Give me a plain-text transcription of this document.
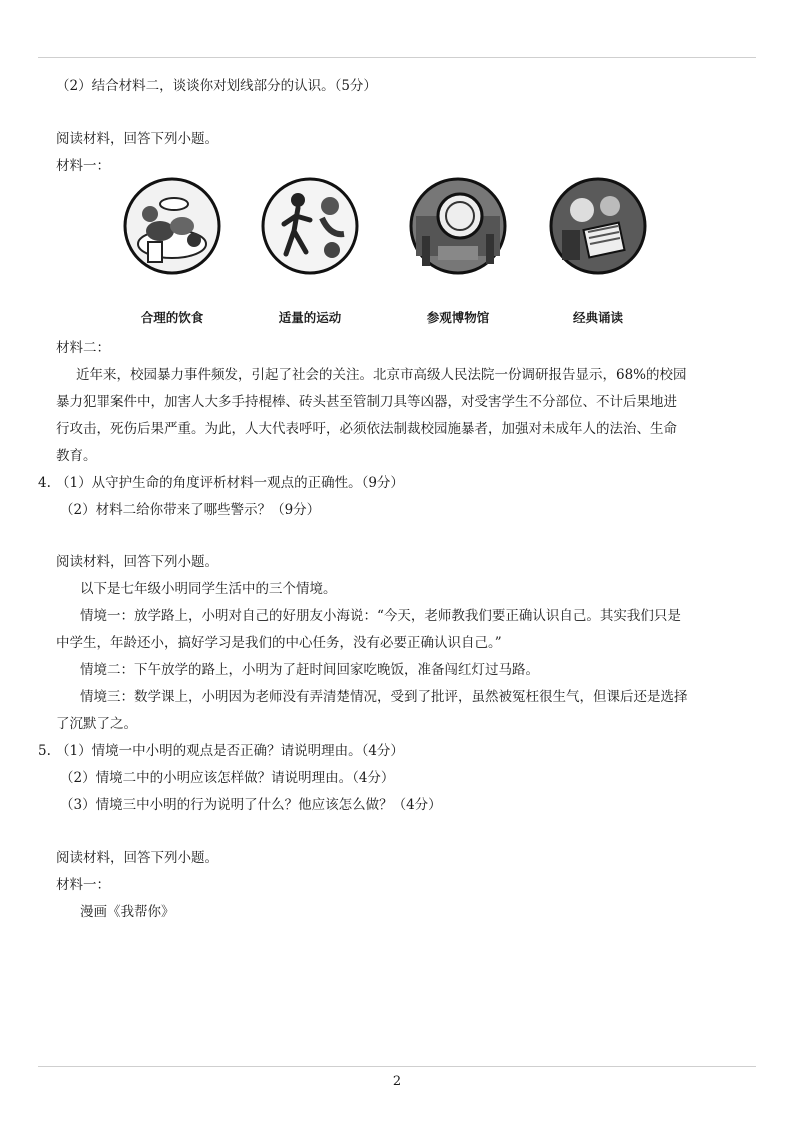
（2）结合材料二，谈谈你对划线部分的认识。（5分）
阅读材料，回答下列小题。
材料一：
合理的饮食	适量的运动	参观博物馆	经典诵读
材料二：
近年来，校园暴力事件频发，引起了社会的关注。北京市高级人民法院一份调研报告显示，68%的校园
暴力犯罪案件中，加害人大多手持棍棒、砖头甚至管制刀具等凶器，对受害学生不分部位、不计后果地进
行攻击，死伤后果严重。为此，人大代表呼吁，必须依法制裁校园施暴者，加强对未成年人的法治、生命
教育。
4. （1）从守护生命的角度评析材料一观点的正确性。（9分）
（2）材料二给你带来了哪些警示？（9分）
阅读材料，回答下列小题。
以下是七年级小明同学生活中的三个情境。
情境一：放学路上，小明对自己的好朋友小海说：“今天，老师教我们要正确认识自己。其实我们只是
中学生，年龄还小，搞好学习是我们的中心任务，没有必要正确认识自己。”
情境二：下午放学的路上，小明为了赶时间回家吃晚饭，准备闯红灯过马路。
情境三：数学课上，小明因为老师没有弄清楚情况，受到了批评，虽然被冤枉很生气，但课后还是选择
了沉默了之。
5. （1）情境一中小明的观点是否正确？请说明理由。（4分）
（2）情境二中的小明应该怎样做？请说明理由。（4分）
（3）情境三中小明的行为说明了什么？他应该怎么做？（4分）
阅读材料，回答下列小题。
材料一：
漫画《我帮你》
2
